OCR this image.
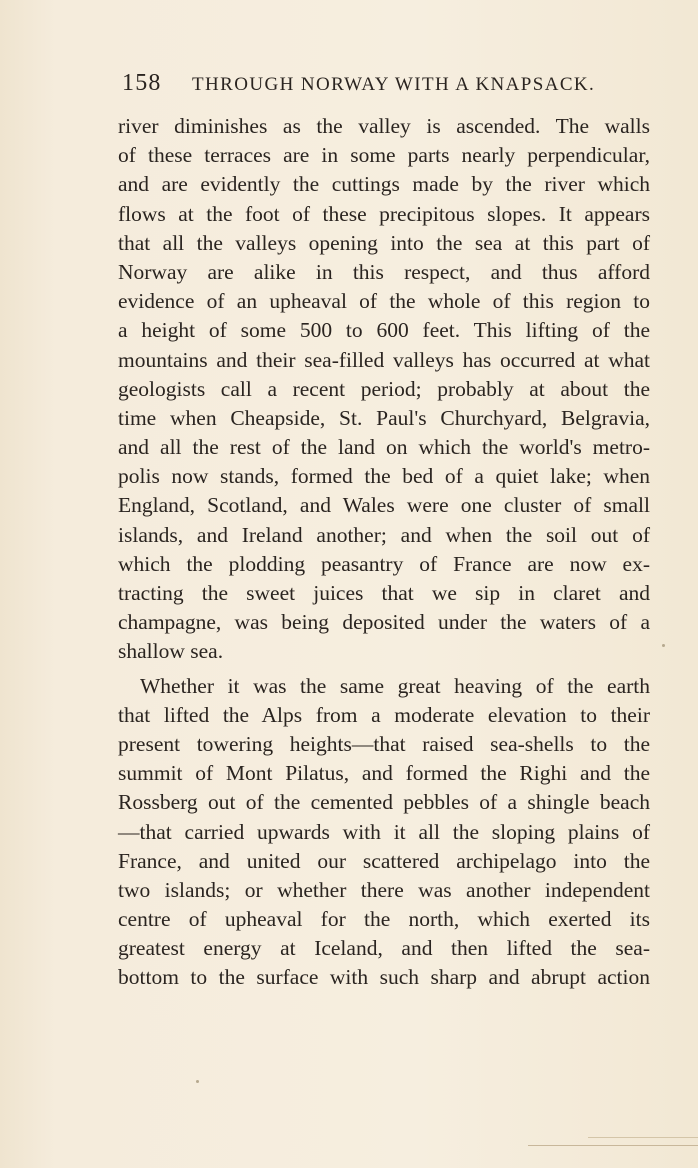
158 THROUGH NORWAY WITH A KNAPSACK.
river diminishes as the valley is ascended. The walls
of these terraces are in some parts nearly perpendicular,
and are evidently the cuttings made by the river which
flows at the foot of these precipitous slopes. It appears
that all the valleys opening into the sea at this part of
Norway are alike in this respect, and thus afford
evidence of an upheaval of the whole of this region to
a height of some 500 to 600 feet. This lifting of the
mountains and their sea-filled valleys has occurred at what
geologists call a recent period; probably at about the
time when Cheapside, St. Paul's Churchyard, Belgravia,
and all the rest of the land on which the world's metro-
polis now stands, formed the bed of a quiet lake; when
England, Scotland, and Wales were one cluster of small
islands, and Ireland another; and when the soil out of
which the plodding peasantry of France are now ex-
tracting the sweet juices that we sip in claret and
champagne, was being deposited under the waters of a
shallow sea.
Whether it was the same great heaving of the earth
that lifted the Alps from a moderate elevation to their
present towering heights—that raised sea-shells to the
summit of Mont Pilatus, and formed the Righi and the
Rossberg out of the cemented pebbles of a shingle beach
—that carried upwards with it all the sloping plains of
France, and united our scattered archipelago into the
two islands; or whether there was another independent
centre of upheaval for the north, which exerted its
greatest energy at Iceland, and then lifted the sea-
bottom to the surface with such sharp and abrupt action
